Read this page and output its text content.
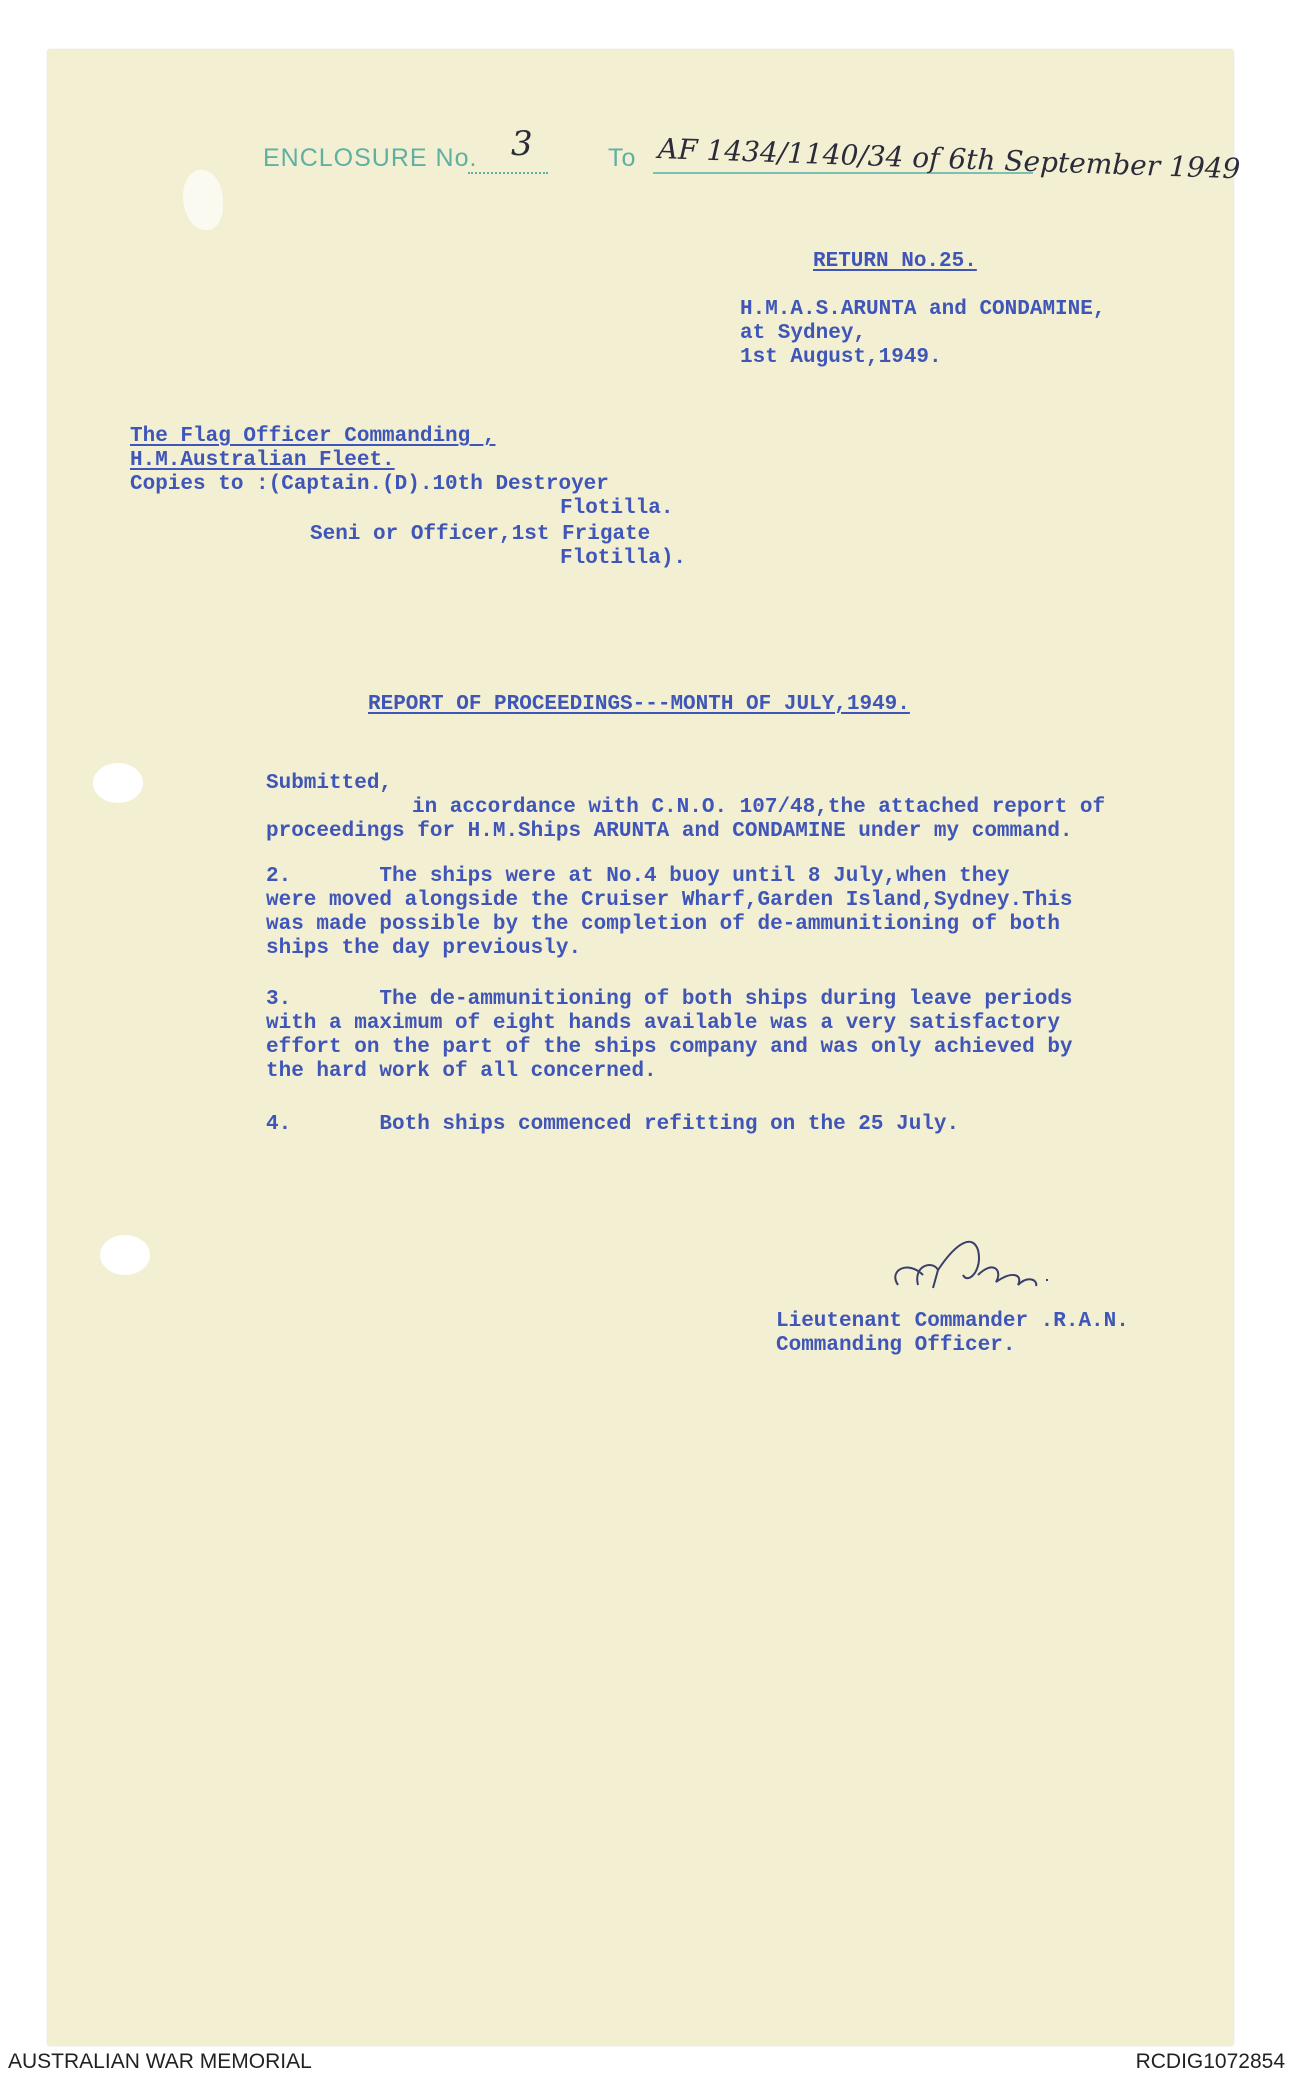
ENCLOSURE No.	To
3	AF 1434/1140/34 of 6th September 1949
RETURN No.25.
H.M.A.S.ARUNTA and CONDAMINE,
at Sydney,
1st August,1949.
The Flag Officer Commanding ,
H.M.Australian Fleet.
Copies to :(Captain.(D).10th Destroyer
Flotilla.
Seni or Officer,1st Frigate
Flotilla).
REPORT OF PROCEEDINGS---MONTH OF JULY,1949.
Submitted,
in accordance with C.N.O. 107/48,the attached report of
proceedings for H.M.Ships ARUNTA and CONDAMINE under my command.
2.       The ships were at No.4 buoy until 8 July,when they
were moved alongside the Cruiser Wharf,Garden Island,Sydney.This
was made possible by the completion of de-ammunitioning of both
ships the day previously.
3.       The de-ammunitioning of both ships during leave periods
with a maximum of eight hands available was a very satisfactory
effort on the part of the ships company and was only achieved by
the hard work of all concerned.
4.       Both ships commenced refitting on the 25 July.
Lieutenant Commander .R.A.N.
Commanding Officer.
AUSTRALIAN WAR MEMORIAL	RCDIG1072854
